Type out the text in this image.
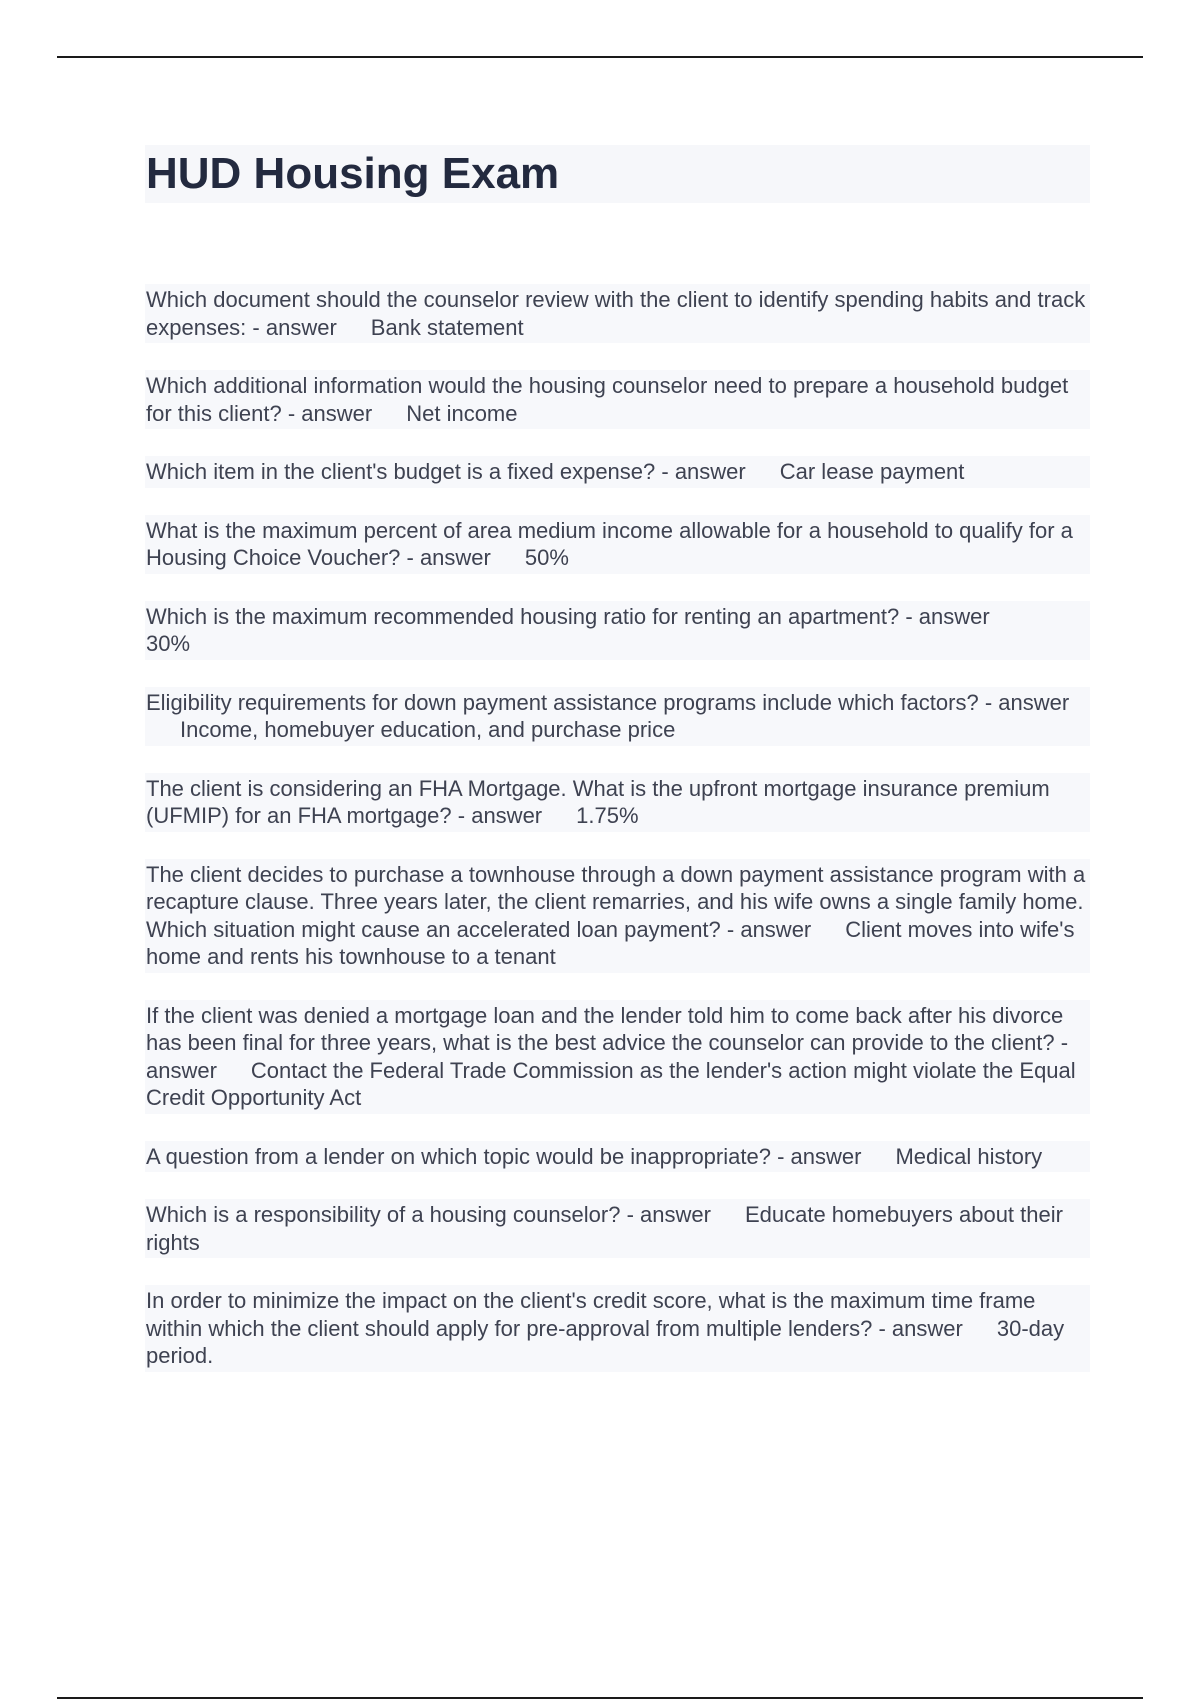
HUD Housing Exam

Which document should the counselor review with the client to identify spending habits and track expenses: - answer Bank statement

Which additional information would the housing counselor need to prepare a household budget for this client? - answer Net income

Which item in the client's budget is a fixed expense? - answer Car lease payment

What is the maximum percent of area medium income allowable for a household to qualify for a Housing Choice Voucher? - answer 50%

Which is the maximum recommended housing ratio for renting an apartment? - answer
30%

Eligibility requirements for down payment assistance programs include which factors? - answerIncome, homebuyer education, and purchase price

The client is considering an FHA Mortgage. What is the upfront mortgage insurance premium (UFMIP) for an FHA mortgage? - answer 1.75%

The client decides to purchase a townhouse through a down payment assistance program with a recapture clause. Three years later, the client remarries, and his wife owns a single family home. Which situation might cause an accelerated loan payment? - answer Client moves into wife's home and rents his townhouse to a tenant

If the client was denied a mortgage loan and the lender told him to come back after his divorce has been final for three years, what is the best advice the counselor can provide to the client? - answer Contact the Federal Trade Commission as the lender's action might violate the Equal Credit Opportunity Act

A question from a lender on which topic would be inappropriate? - answer Medical history

Which is a responsibility of a housing counselor? - answer Educate homebuyers about their rights

In order to minimize the impact on the client's credit score, what is the maximum time frame within which the client should apply for pre-approval from multiple lenders? - answer 30-day period.
